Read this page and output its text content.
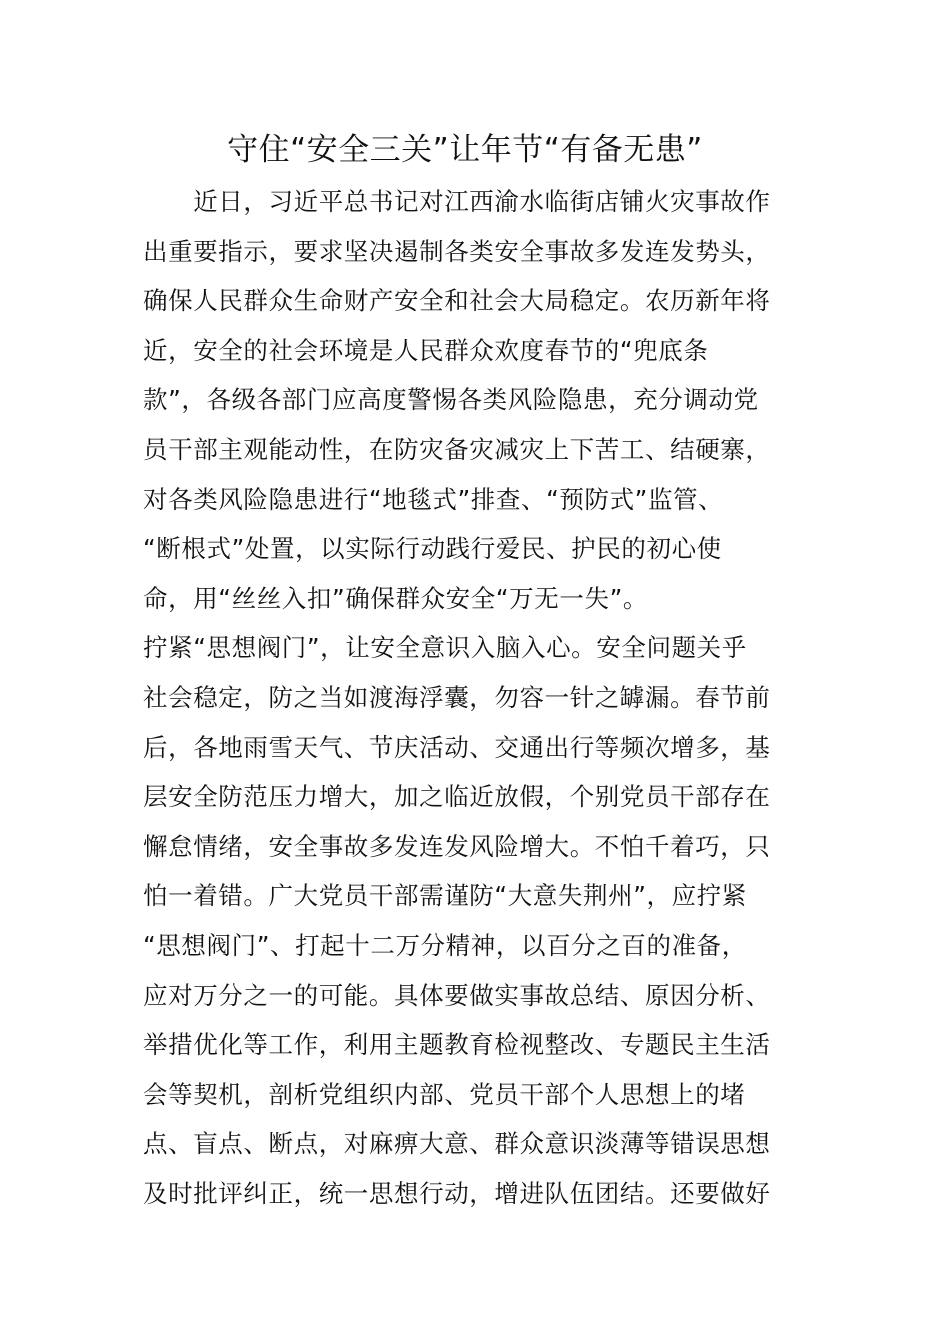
守住“安全三关”让年节“有备无患”
　　近日，习近平总书记对江西渝水临街店铺火灾事故作
出重要指示，要求坚决遏制各类安全事故多发连发势头，
确保人民群众生命财产安全和社会大局稳定。农历新年将
近，安全的社会环境是人民群众欢度春节的“兜底条
款”，各级各部门应高度警惕各类风险隐患，充分调动党
员干部主观能动性，在防灾备灾减灾上下苦工、结硬寨，
对各类风险隐患进行“地毯式”排查、“预防式”监管、
“断根式”处置，以实际行动践行爱民、护民的初心使
命，用“丝丝入扣”确保群众安全“万无一失”。
拧紧“思想阀门”，让安全意识入脑入心。安全问题关乎
社会稳定，防之当如渡海浮囊，勿容一针之罅漏。春节前
后，各地雨雪天气、节庆活动、交通出行等频次增多，基
层安全防范压力增大，加之临近放假，个别党员干部存在
懈怠情绪，安全事故多发连发风险增大。不怕千着巧，只
怕一着错。广大党员干部需谨防“大意失荆州”，应拧紧
“思想阀门”、打起十二万分精神，以百分之百的准备，
应对万分之一的可能。具体要做实事故总结、原因分析、
举措优化等工作，利用主题教育检视整改、专题民主生活
会等契机，剖析党组织内部、党员干部个人思想上的堵
点、盲点、断点，对麻痹大意、群众意识淡薄等错误思想
及时批评纠正，统一思想行动，增进队伍团结。还要做好
